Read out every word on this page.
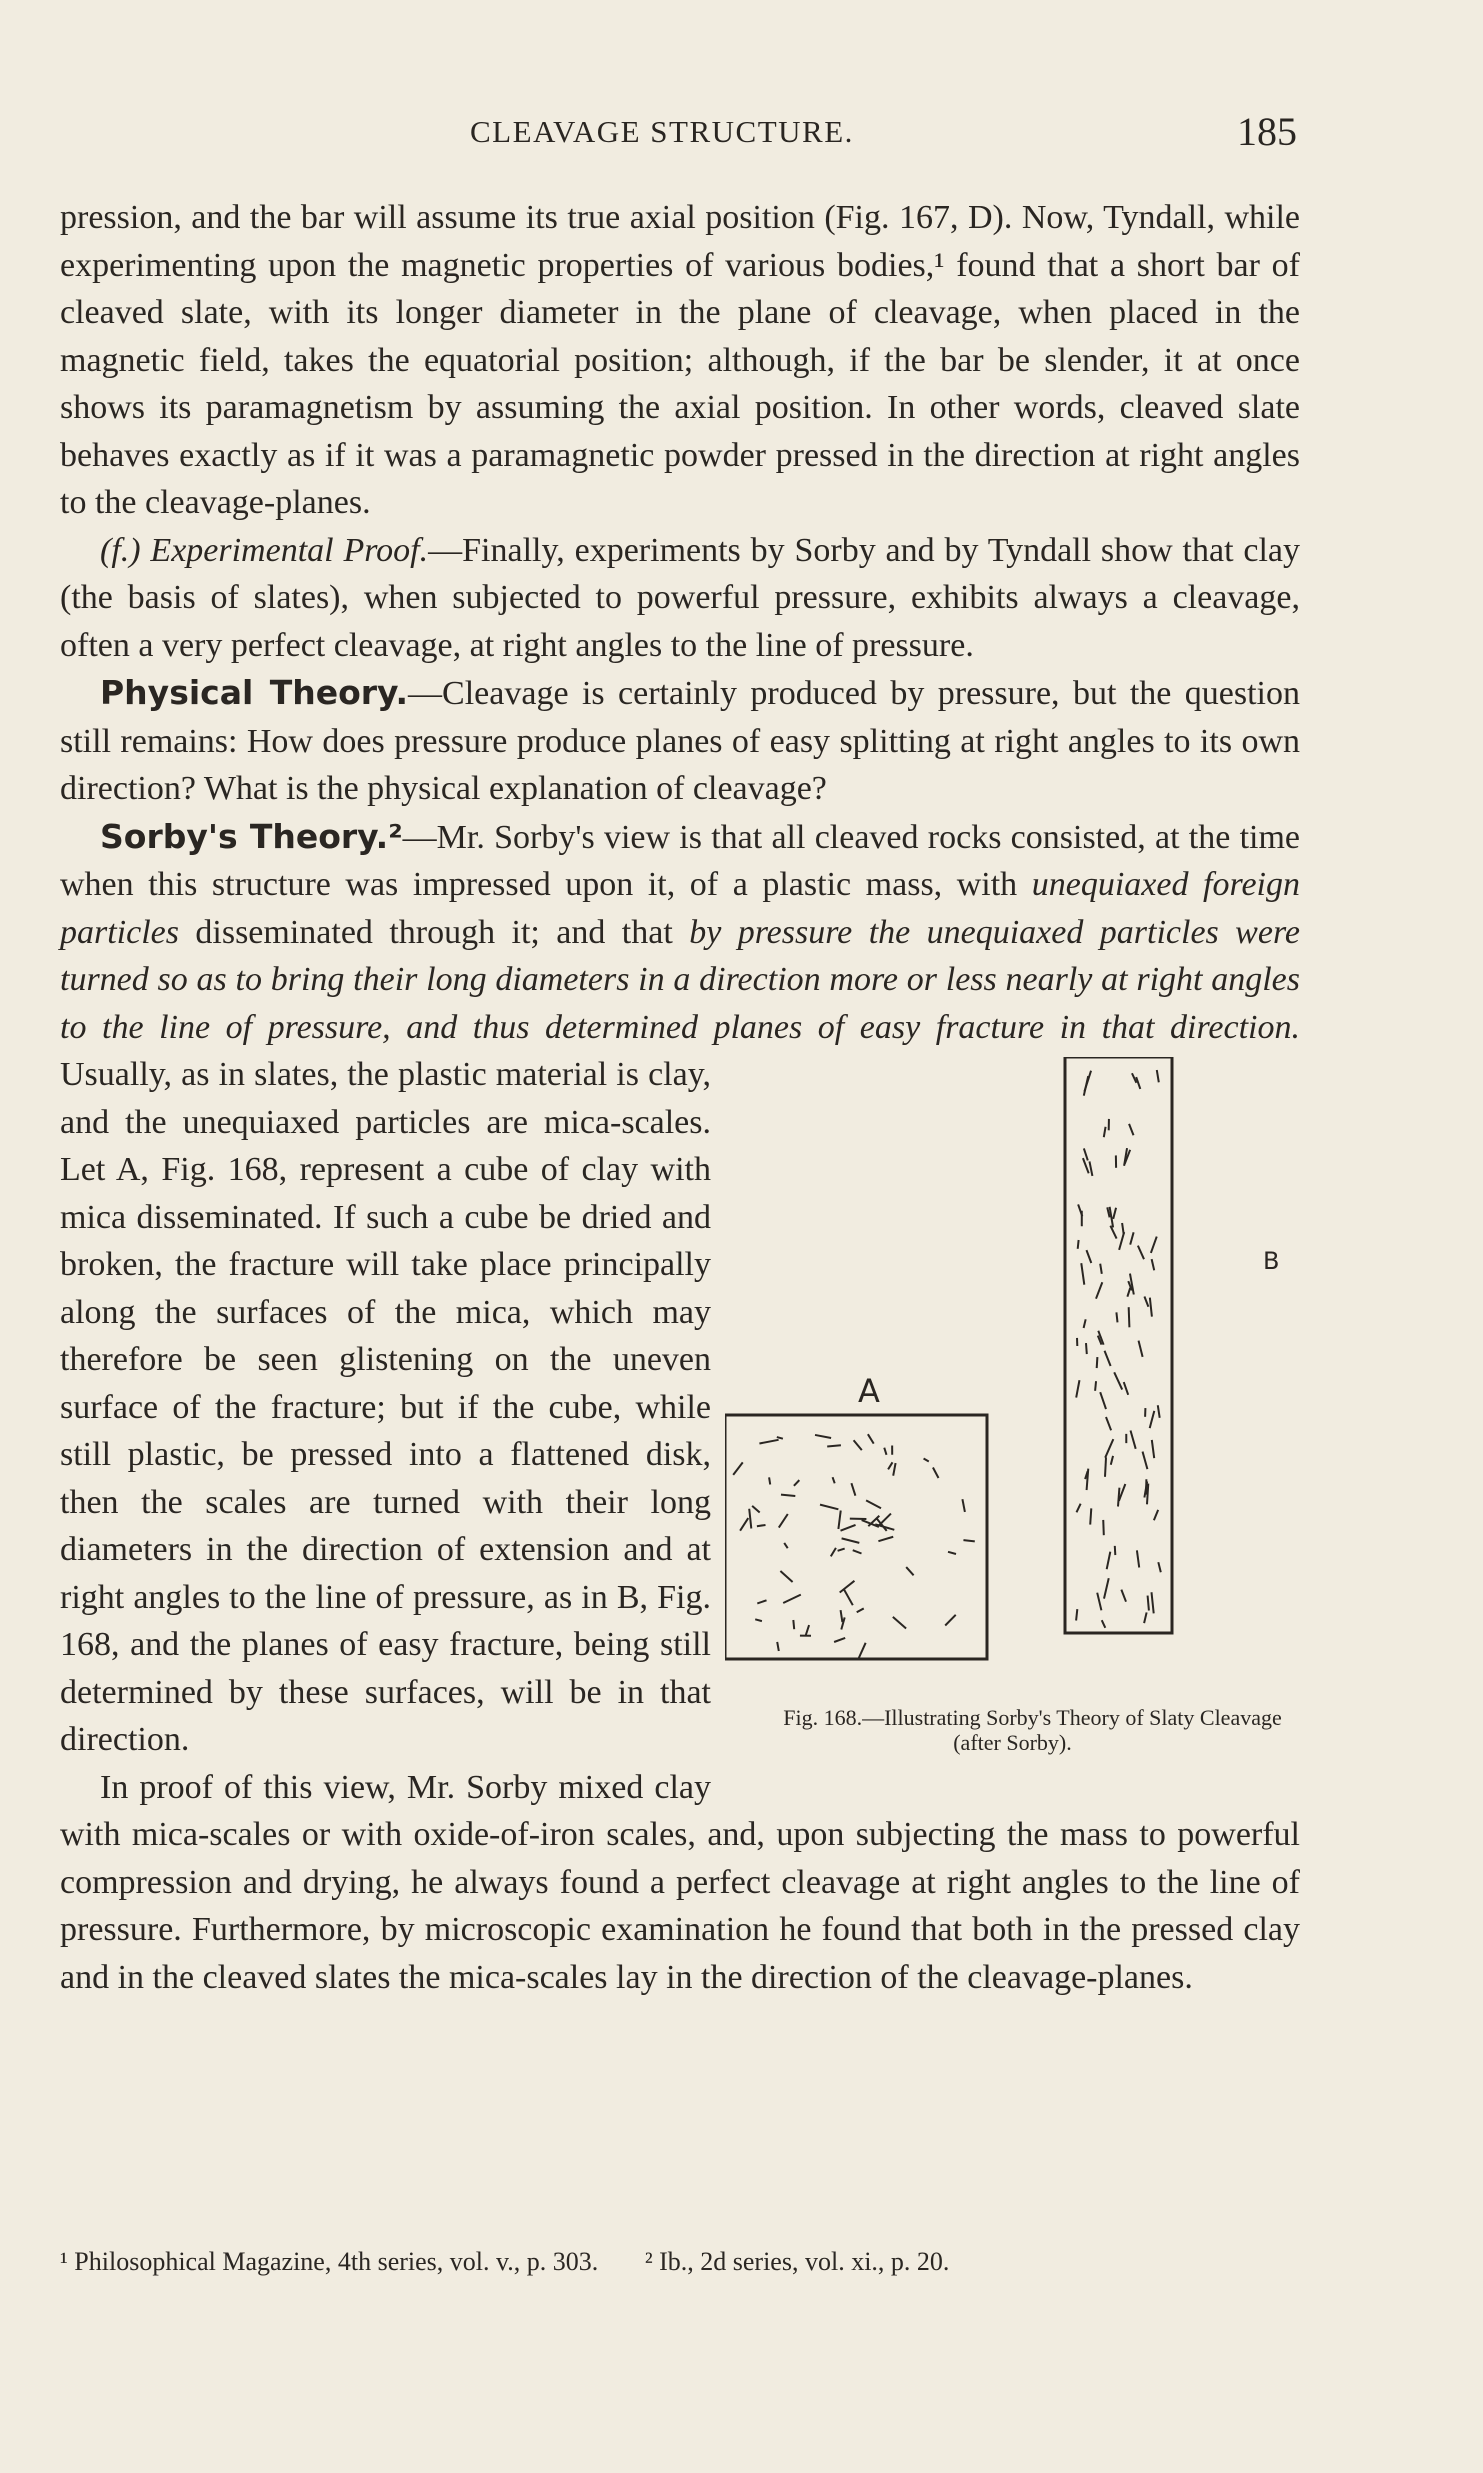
CLEAVAGE STRUCTURE.	185

pression, and the bar will assume its true axial position (Fig. 167, D). Now, Tyndall, while experimenting upon the magnetic properties of various bodies,¹ found that a short bar of cleaved slate, with its longer diameter in the plane of cleavage, when placed in the magnetic field, takes the equatorial position; although, if the bar be slender, it at once shows its paramagnetism by assuming the axial position. In other words, cleaved slate behaves exactly as if it was a paramagnetic powder pressed in the direction at right angles to the cleavage-planes.

(f.) Experimental Proof.—Finally, experiments by Sorby and by Tyndall show that clay (the basis of slates), when subjected to powerful pressure, exhibits always a cleavage, often a very perfect cleavage, at right angles to the line of pressure.

Physical Theory.—Cleavage is certainly produced by pressure, but the question still remains: How does pressure produce planes of easy splitting at right angles to its own direction? What is the physical explanation of cleavage?

Sorby's Theory.²—Mr. Sorby's view is that all cleaved rocks consisted, at the time when this structure was impressed upon it, of a plastic mass, with unequiaxed foreign particles disseminated through it; and that by pressure the unequiaxed particles were turned so as to bring their long diameters in a direction more or less nearly at right angles to the line of pressure, and thus determined planes of easy fracture in that direction.
A
B
Fig. 168.—Illustrating Sorby's Theory of Slaty Cleavage (after Sorby).
Usually, as in slates, the plastic material is clay, and the unequiaxed particles are mica-scales. Let A, Fig. 168, represent a cube of clay with mica disseminated. If such a cube be dried and broken, the fracture will take place principally along the surfaces of the mica, which may therefore be seen glistening on the uneven surface of the fracture; but if the cube, while still plastic, be pressed into a flattened disk, then the scales are turned with their long diameters in the direction of extension and at right angles to the line of pressure, as in B, Fig. 168, and the planes of easy fracture, being still determined by these surfaces, will be in that direction.

In proof of this view, Mr. Sorby mixed clay with mica-scales or with oxide-of-iron scales, and, upon subjecting the mass to powerful compression and drying, he always found a perfect cleavage at right angles to the line of pressure. Furthermore, by microscopic examination he found that both in the pressed clay and in the cleaved slates the mica-scales lay in the direction of the cleavage-planes.

¹ Philosophical Magazine, 4th series, vol. v., p. 303. ² Ib., 2d series, vol. xi., p. 20.
